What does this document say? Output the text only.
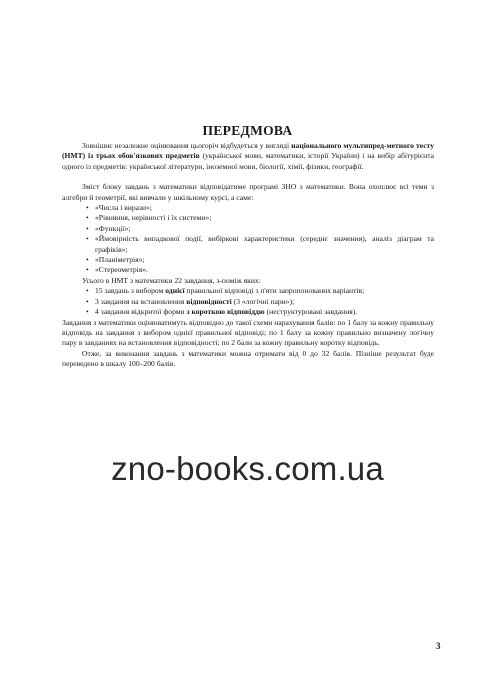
ПЕРЕДМОВА

Зовнішнє незалежне оцінювання цьогоріч відбудеться у вигляді національного мультипред-метного тесту (НМТ) із трьох обов'язкових предметів (української мови, математики, історії України) і на вибір абітурієнта одного із предметів: української літератури, іноземної мови, біології, хімії, фізики, географії.

Зміст блоку завдань з математики відповідатиме програмі ЗНО з математики. Вона охоплює всі теми з алгебри й геометрії, які вивчали у шкільному курсі, а саме:

• «Числа і вирази»;
• «Рівняння, нерівності і їх системи»;
• «Функції»;
• «Ймовірність випадкової події, вибіркові характеристики (середнє значення), аналіз діаграм та графіків»;
• «Планіметрія»;
• «Стереометрія».

Усього в НМТ з математики 22 завдання, з-поміж яких:

• 15 завдань з вибором однієї правильної відповіді з п'яти запропонованих варіантів;
• 3 завдання на встановлення відповідності (3 «логічні пари»);
• 4 завдання відкритої форми з короткою відповіддю (неструктуровані завдання).

Завдання з математики оцінюватимуть відповідно до такої схеми нарахування балів: по 1 балу за кожну правильну відповідь на завдання з вибором однієї правильної відповіді; по 1 балу за кожну правильно визначену логічну пару в завданнях на встановлення відповідності; по 2 бали за кожну правильну коротку відповідь.

Отже, за виконання завдань з математики можна отримати від 0 до 32 балів. Пізніше результат буде переведено в шкалу 100–200 балів.

zno-books.com.ua
3
